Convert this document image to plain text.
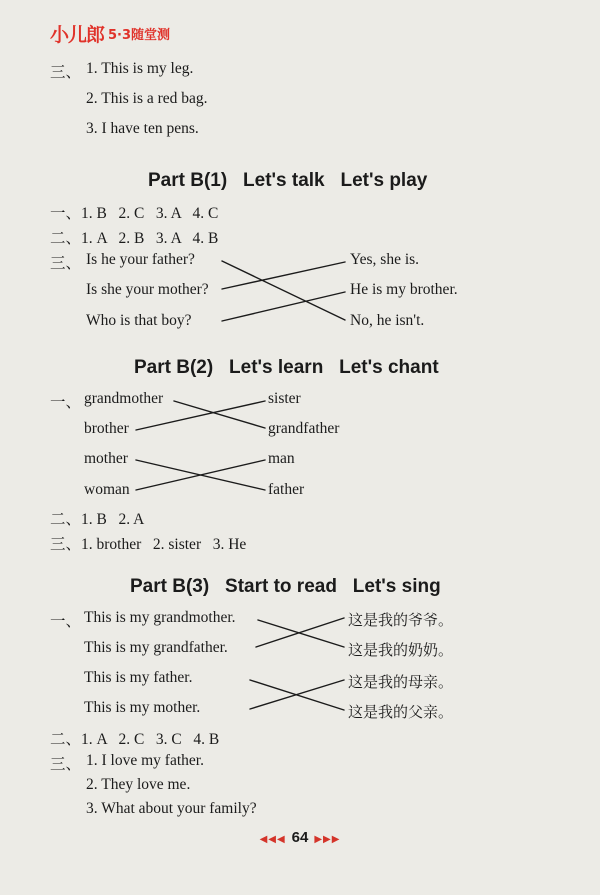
小儿郎 5·3随堂测
三、 1. This is my leg.
2. This is a red bag.
3. I have ten pens.
Part B(1)   Let's talk   Let's play
一、1. B   2. C   3. A   4. C
二、1. A   2. B   3. A   4. B
三、 Is he your father?
Is she your mother?
Who is that boy?
Yes, she is.
He is my brother.
No, he isn't.
Part B(2)   Let's learn   Let's chant
一、 grandmother
brother
mother
woman
sister
grandfather
man
father
二、1. B   2. A
三、1. brother   2. sister   3. He
Part B(3)   Start to read   Let's sing
一、 This is my grandmother.
This is my grandfather.
This is my father.
This is my mother.
这是我的爷爷。
这是我的奶奶。
这是我的母亲。
这是我的父亲。
二、1. A   2. C   3. C   4. B
三、 1. I love my father.
2. They love me.
3. What about your family?
◀◀◀ 64 ▶▶▶
